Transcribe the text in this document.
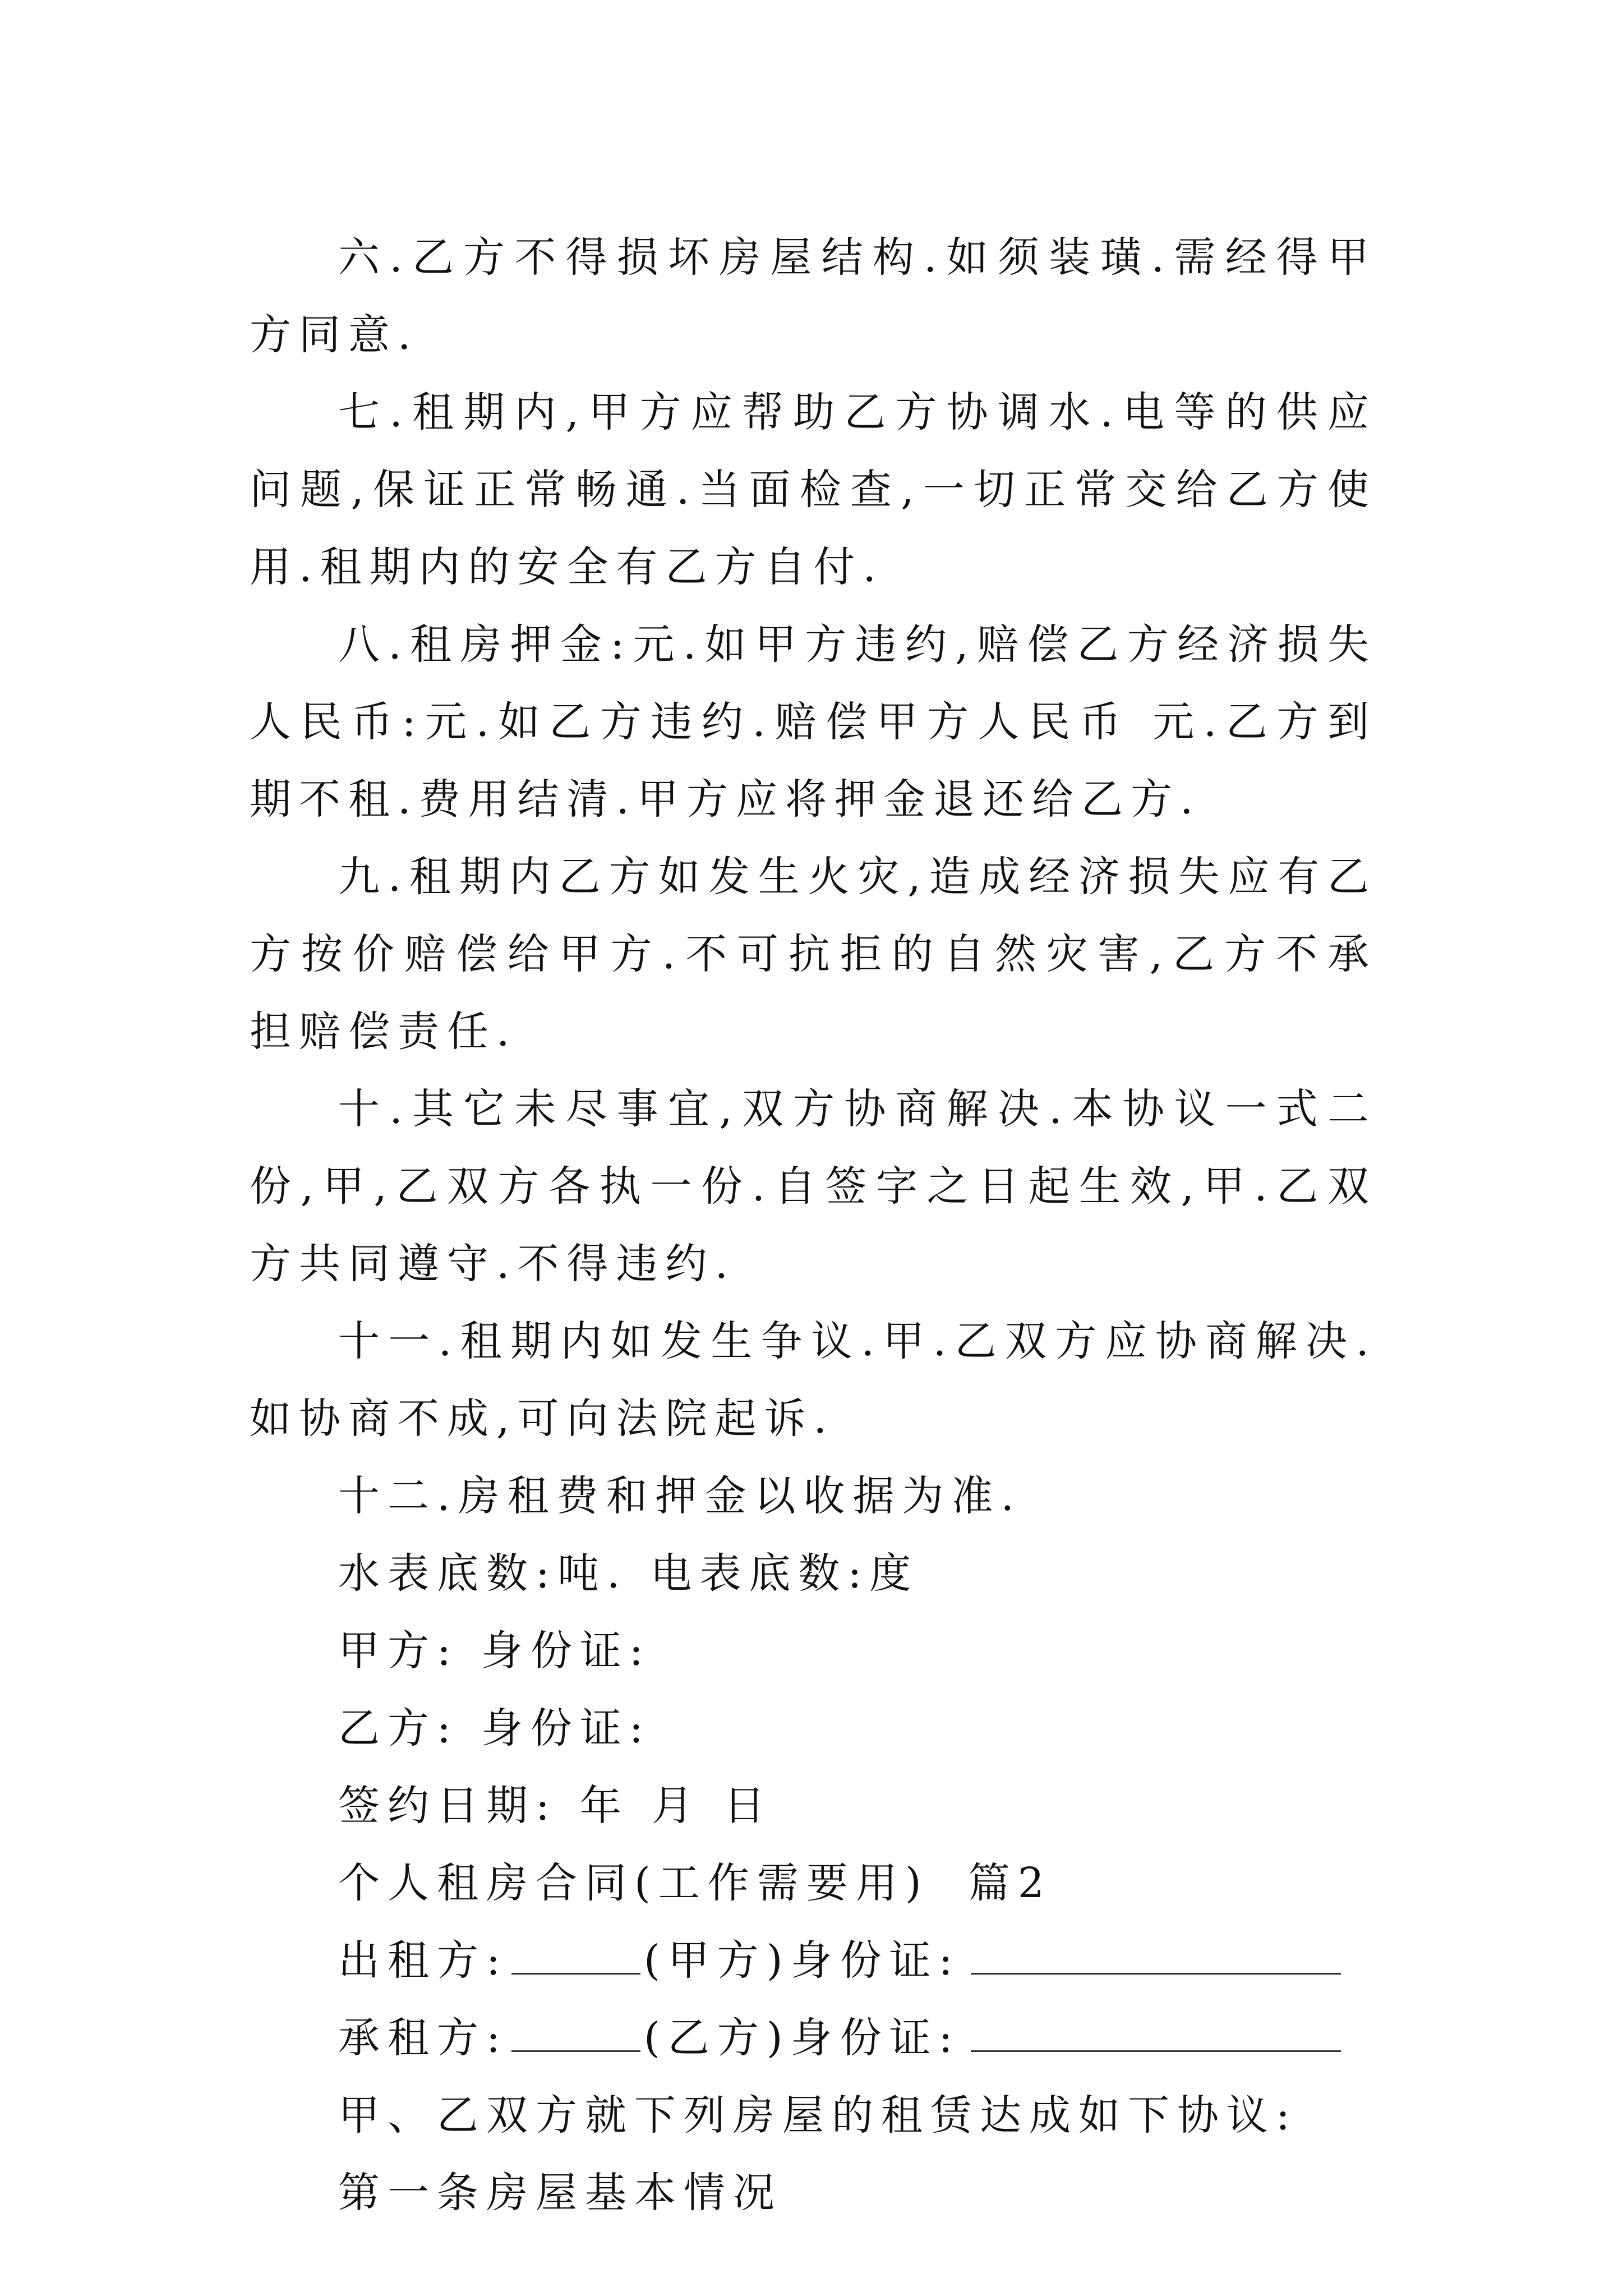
六.乙方不得损坏房屋结构.如须装璜.需经得甲方同意.

七.租期内,甲方应帮助乙方协调水.电等的供应问题,保证正常畅通.当面检查,一切正常交给乙方使用.租期内的安全有乙方自付.

八.租房押金:元.如甲方违约,赔偿乙方经济损失人民币:元.如乙方违约.赔偿甲方人民币 元.乙方到期不租.费用结清.甲方应将押金退还给乙方.

九.租期内乙方如发生火灾,造成经济损失应有乙方按价赔偿给甲方.不可抗拒的自然灾害,乙方不承担赔偿责任.

十.其它未尽事宜,双方协商解决.本协议一式二份,甲,乙双方各执一份.自签字之日起生效,甲.乙双方共同遵守.不得违约.

十一.租期内如发生争议.甲.乙双方应协商解决.如协商不成,可向法院起诉.

十二.房租费和押金以收据为准.

水表底数:吨. 电表底数:度

甲方: 身份证:

乙方: 身份证:

签约日期: 年 月 日

个人租房合同(工作需要用) 篇2

出租方:	(甲方)身份证:

承租方:	(乙方)身份证:

甲、乙双方就下列房屋的租赁达成如下协议:

第一条房屋基本情况
